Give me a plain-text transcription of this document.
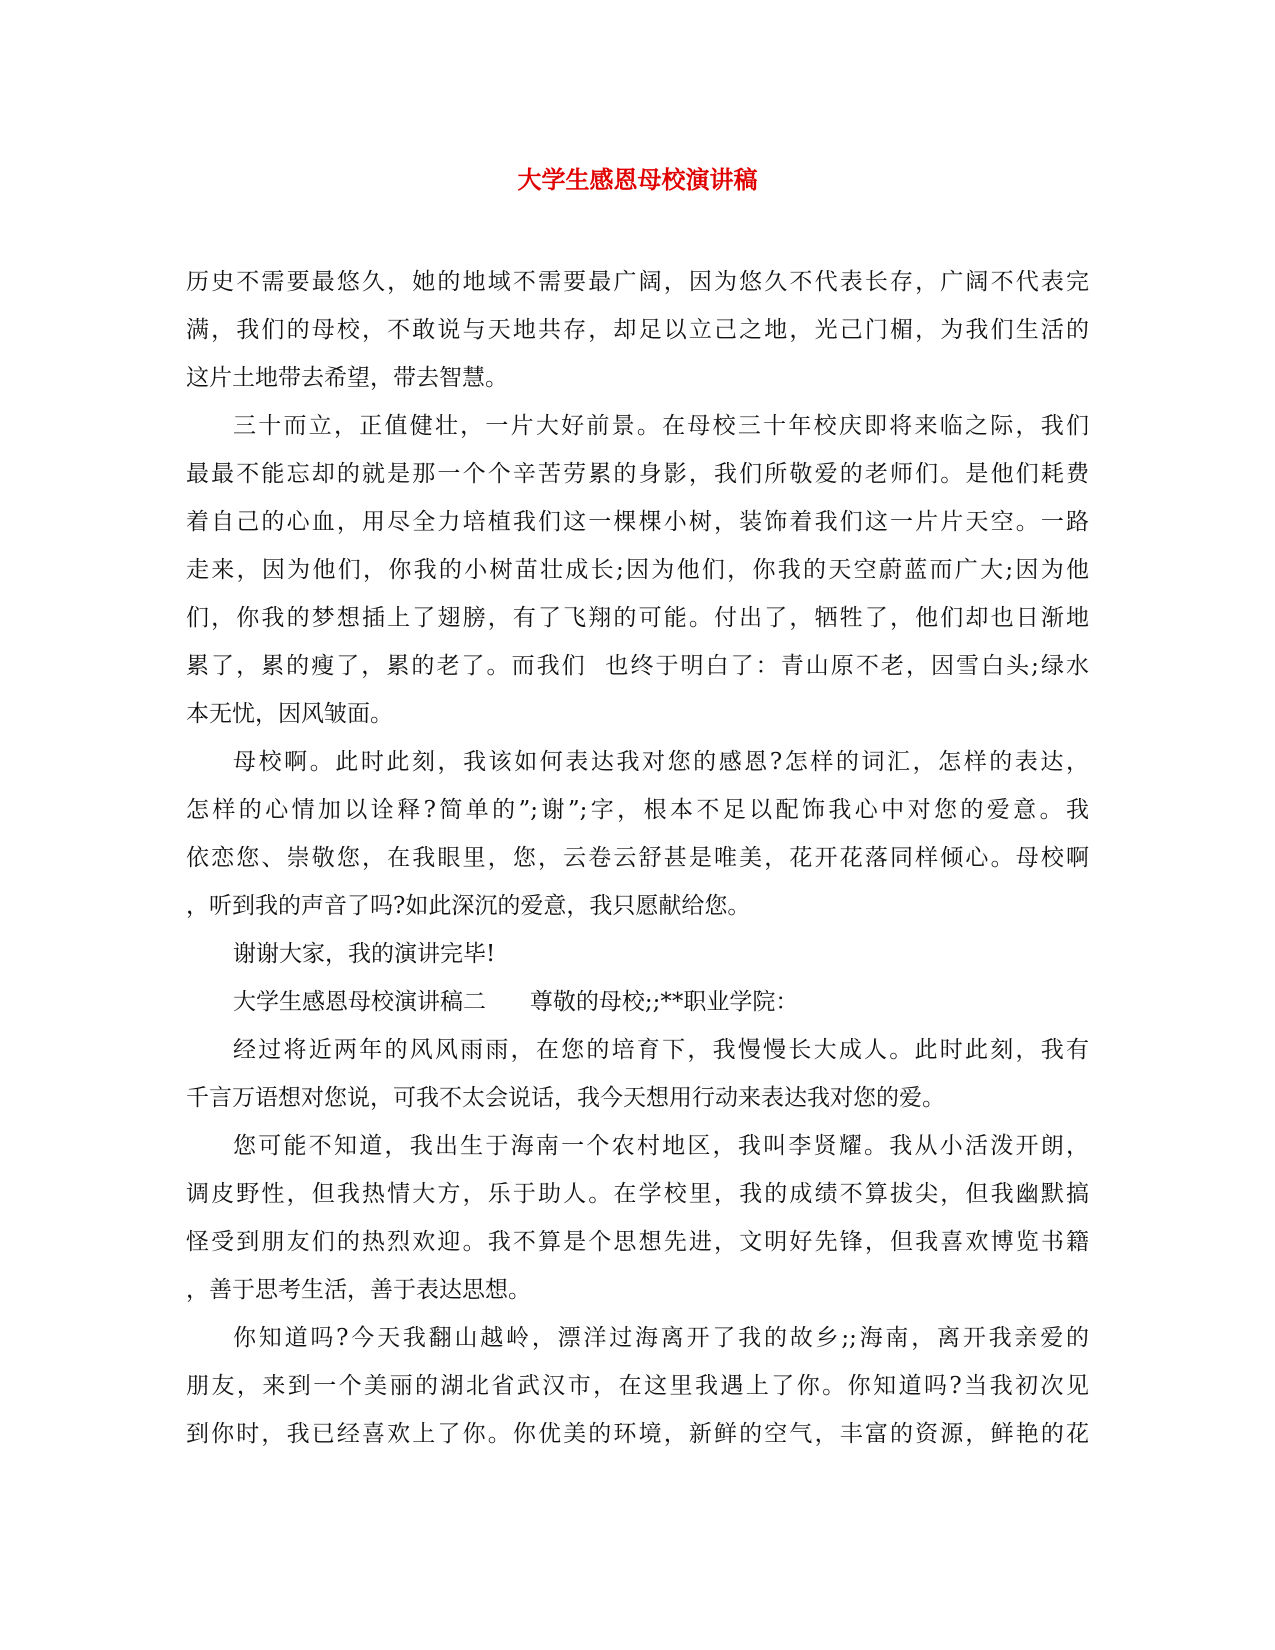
大学生感恩母校演讲稿
历史不需要最悠久，她的地域不需要最广阔，因为悠久不代表长存，广阔不代表完
满，我们的母校，不敢说与天地共存，却足以立己之地，光己门楣，为我们生活的
这片土地带去希望，带去智慧。
三十而立，正值健壮，一片大好前景。在母校三十年校庆即将来临之际，我们
最最不能忘却的就是那一个个辛苦劳累的身影，我们所敬爱的老师们。是他们耗费
着自己的心血，用尽全力培植我们这一棵棵小树，装饰着我们这一片片天空。一路
走来，因为他们，你我的小树苗壮成长;因为他们，你我的天空蔚蓝而广大;因为他
们，你我的梦想插上了翅膀，有了飞翔的可能。付出了，牺牲了，他们却也日渐地
累了，累的瘦了，累的老了。而我们  也终于明白了：青山原不老，因雪白头;绿水
本无忧，因风皱面。
母校啊。此时此刻，我该如何表达我对您的感恩?怎样的词汇，怎样的表达，
怎样的心情加以诠释?简单的”;谢”;字，根本不足以配饰我心中对您的爱意。我
依恋您、崇敬您，在我眼里，您，云卷云舒甚是唯美，花开花落同样倾心。母校啊
，听到我的声音了吗?如此深沉的爱意，我只愿献给您。
谢谢大家，我的演讲完毕!
大学生感恩母校演讲稿二      尊敬的母校;;**职业学院：
经过将近两年的风风雨雨，在您的培育下，我慢慢长大成人。此时此刻，我有
千言万语想对您说，可我不太会说话，我今天想用行动来表达我对您的爱。
您可能不知道，我出生于海南一个农村地区，我叫李贤耀。我从小活泼开朗，
调皮野性，但我热情大方，乐于助人。在学校里，我的成绩不算拔尖，但我幽默搞
怪受到朋友们的热烈欢迎。我不算是个思想先进，文明好先锋，但我喜欢博览书籍
，善于思考生活，善于表达思想。
你知道吗?今天我翻山越岭，漂洋过海离开了我的故乡;;海南，离开我亲爱的
朋友，来到一个美丽的湖北省武汉市，在这里我遇上了你。你知道吗?当我初次见
到你时，我已经喜欢上了你。你优美的环境，新鲜的空气，丰富的资源，鲜艳的花
